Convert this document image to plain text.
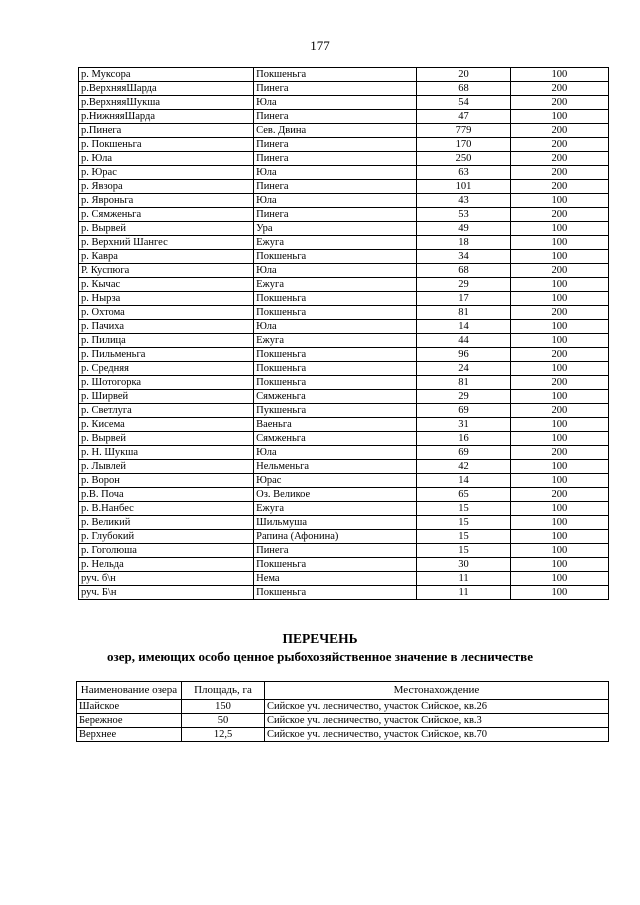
177
р. Муксора	Покшеньга	20	100
р.ВерхняяШарда	Пинега	68	200
р.ВерхняяШукша	Юла	54	200
р.НижняяШарда	Пинега	47	100
р.Пинега	Сев. Двина	779	200
р. Покшеньга	Пинега	170	200
р. Юла	Пинега	250	200
р. Юрас	Юла	63	200
р. Явзора	Пинега	101	200
р. Яврoньга	Юла	43	100
р. Сямженьга	Пинега	53	200
р. Выpвей	Ура	49	100
р. Верхний Шангес	Ежуга	18	100
р. Кавра	Покшеньга	34	100
Р. Куспюга	Юла	68	200
р. Кычас	Ежуга	29	100
р. Нырза	Покшеньга	17	100
р. Охтома	Покшеньга	81	200
р. Пачиха	Юла	14	100
р. Пилица	Ежуга	44	100
р. Пильменьга	Покшеньга	96	200
р. Средняя	Покшеньга	24	100
р. Шотогорка	Покшеньга	81	200
р. Ширвей	Сямженьга	29	100
р. Светлуга	Пукшеньга	69	200
р. Кисема	Ваеньга	31	100
р. Вырвей	Сямженьга	16	100
р. Н. Шукша	Юла	69	200
р. Лывлей	Нельменьга	42	100
р. Ворон	Юрас	14	100
р.В. Поча	Оз. Великое	65	200
р. В.Нанбес	Ежуга	15	100
р. Великий	Шильмуша	15	100
р. Глубокий	Рапина (Афонина)	15	100
р. Гоголюша	Пинега	15	100
р. Нельда	Покшеньга	30	100
руч. б\н	Нема	11	100
руч. Б\н	Покшеньга	11	100
ПЕРЕЧЕНЬ
озер, имеющих особо ценное рыбохозяйственное значение в лесничестве
Наименование озера	Площадь, га	Местонахождение
Шайское	150	Сийское уч. лесничество, участок Сийское, кв.26
Бережное	50	Сийское уч. лесничество, участок Сийское, кв.3
Верхнее	12,5	Сийское уч. лесничество, участок Сийское, кв.70
